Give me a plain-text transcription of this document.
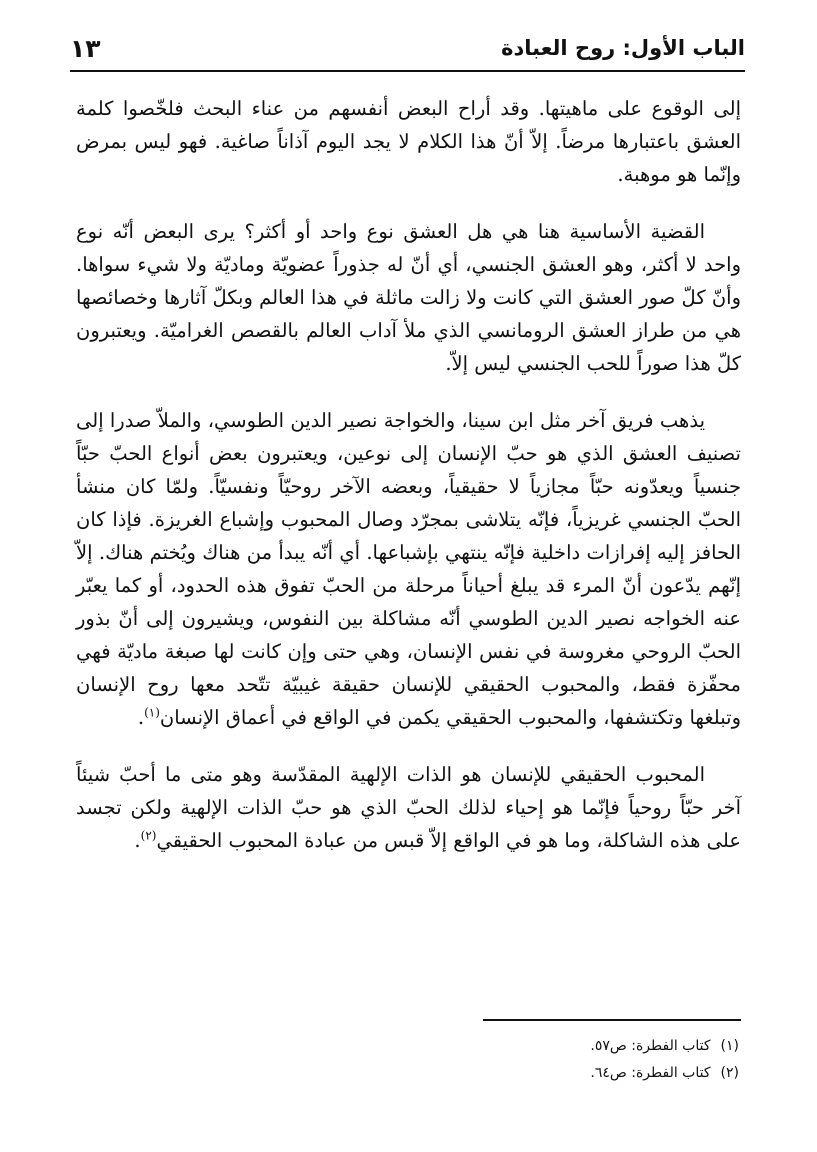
الباب الأول: روح العبادة
١٣

إلى الوقوع على ماهيتها. وقد أراح البعض أنفسهم من عناء البحث فلخّصوا كلمة العشق باعتبارها مرضاً. إلاّ أنّ هذا الكلام لا يجد اليوم آذاناً صاغية. فهو ليس بمرض وإنّما هو موهبة.

القضية الأساسية هنا هي هل العشق نوع واحد أو أكثر؟ يرى البعض أنّه نوع واحد لا أكثر، وهو العشق الجنسي، أي أنّ له جذوراً عضويّة وماديّة ولا شيء سواها. وأنّ كلّ صور العشق التي كانت ولا زالت ماثلة في هذا العالم وبكلّ آثارها وخصائصها هي من طراز العشق الرومانسي الذي ملأ آداب العالم بالقصص الغراميّة. ويعتبرون كلّ هذا صوراً للحب الجنسي ليس إلاّ.

يذهب فريق آخر مثل ابن سينا، والخواجة نصير الدين الطوسي، والملاّ صدرا إلى تصنيف العشق الذي هو حبّ الإنسان إلى نوعين، ويعتبرون بعض أنواع الحبّ حبّاً جنسياً ويعدّونه حبّاً مجازياً لا حقيقياً، وبعضه الآخر روحيّاً ونفسيّاً. ولمّا كان منشأ الحبّ الجنسي غريزياً، فإنّه يتلاشى بمجرّد وصال المحبوب وإشباع الغريزة. فإذا كان الحافز إليه إفرازات داخلية فإنّه ينتهي بإشباعها. أي أنّه يبدأ من هناك ويُختم هناك. إلاّ إنّهم يدّعون أنّ المرء قد يبلغ أحياناً مرحلة من الحبّ تفوق هذه الحدود، أو كما يعبّر عنه الخواجه نصير الدين الطوسي أنّه مشاكلة بين النفوس، ويشيرون إلى أنّ بذور الحبّ الروحي مغروسة في نفس الإنسان، وهي حتى وإن كانت لها صبغة ماديّة فهي محفّزة فقط، والمحبوب الحقيقي للإنسان حقيقة غيبيّة تتّحد معها روح الإنسان وتبلغها وتكتشفها، والمحبوب الحقيقي يكمن في الواقع في أعماق الإنسان$^{(١)}$.

المحبوب الحقيقي للإنسان هو الذات الإلهية المقدّسة وهو متى ما أحبّ شيئاً آخر حبّاً روحياً فإنّما هو إحياء لذلك الحبّ الذي هو حبّ الذات الإلهية ولكن تجسد على هذه الشاكلة، وما هو في الواقع إلاّ قبس من عبادة المحبوب الحقيقي$^{(٢)}$.

(١)كتاب الفطرة: ص٥٧.
(٢)كتاب الفطرة: ص٦٤.
